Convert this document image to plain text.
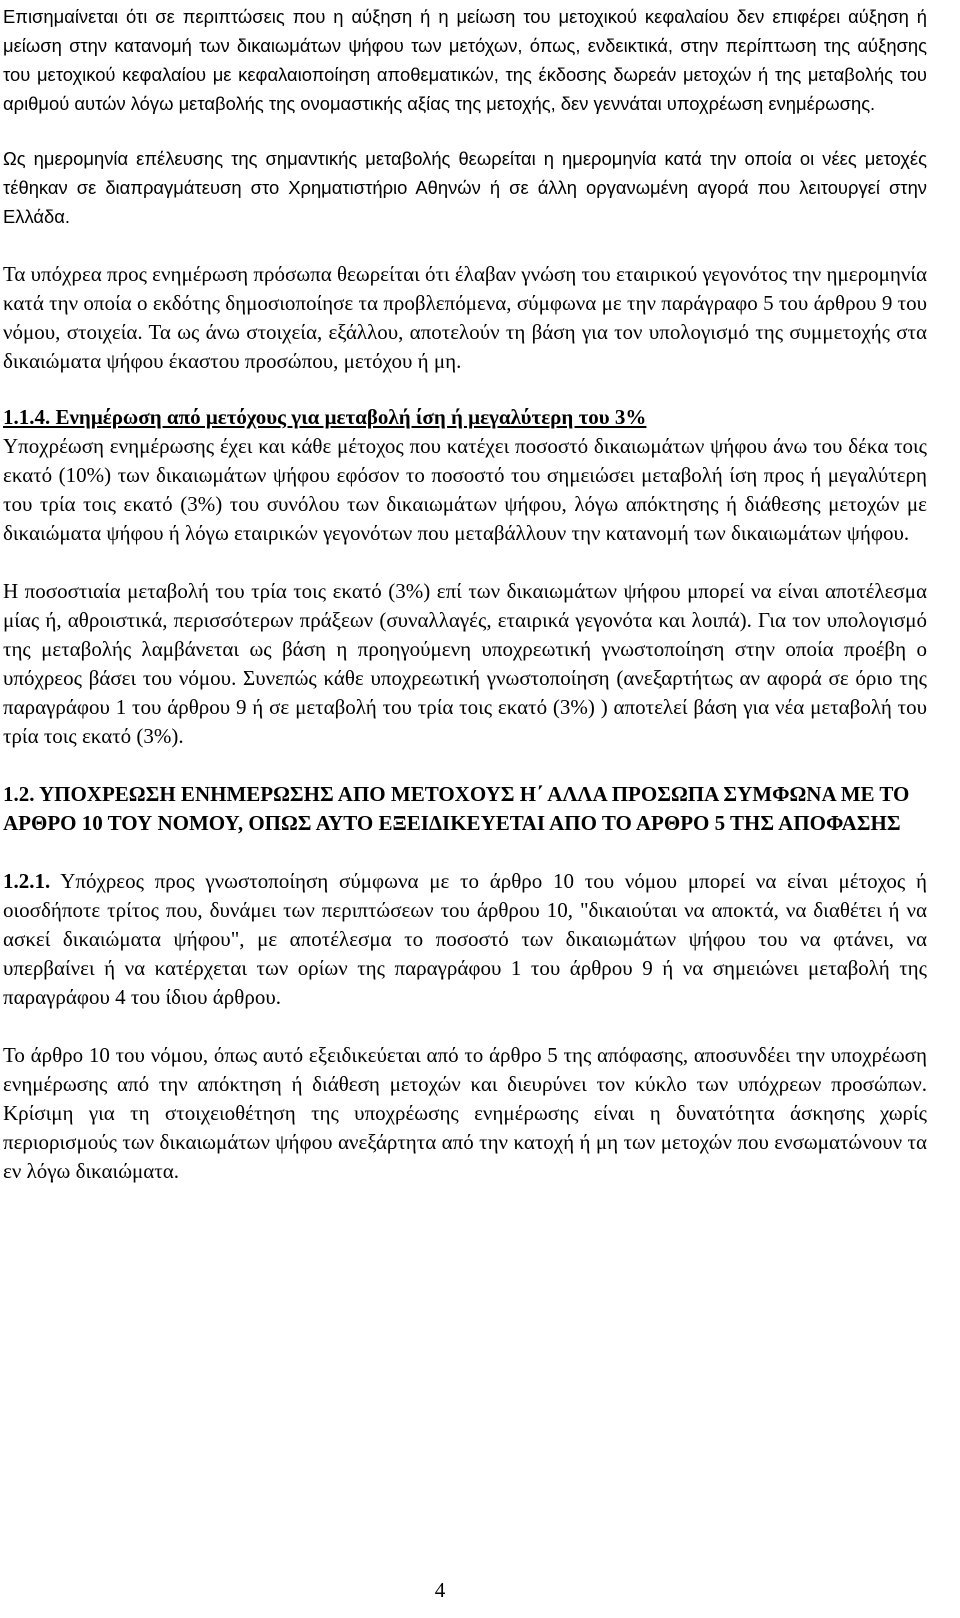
Επισημαίνεται ότι σε περιπτώσεις που η αύξηση ή η μείωση του μετοχικού κεφαλαίου δεν επιφέρει αύξηση ή μείωση στην κατανομή των δικαιωμάτων ψήφου των μετόχων, όπως, ενδεικτικά, στην περίπτωση της αύξησης του μετοχικού κεφαλαίου με κεφαλαιοποίηση αποθεματικών, της έκδοσης δωρεάν μετοχών ή της μεταβολής του αριθμού αυτών λόγω μεταβολής της ονομαστικής αξίας της μετοχής, δεν γεννάται υποχρέωση ενημέρωσης.

Ως ημερομηνία επέλευσης της σημαντικής μεταβολής θεωρείται η ημερομηνία κατά την οποία οι νέες μετοχές τέθηκαν σε διαπραγμάτευση στο Χρηματιστήριο Αθηνών ή σε άλλη οργανωμένη αγορά που λειτουργεί στην Ελλάδα.

Τα υπόχρεα προς ενημέρωση πρόσωπα θεωρείται ότι έλαβαν γνώση του εταιρικού γεγονότος την ημερομηνία κατά την οποία ο εκδότης δημοσιοποίησε τα προβλεπόμενα, σύμφωνα με την παράγραφο 5 του άρθρου 9 του νόμου, στοιχεία. Τα ως άνω στοιχεία, εξάλλου, αποτελούν τη βάση για τον υπολογισμό της συμμετοχής στα δικαιώματα ψήφου έκαστου προσώπου, μετόχου ή μη.

1.1.4. Ενημέρωση από μετόχους για μεταβολή ίση ή μεγαλύτερη του 3%

Υποχρέωση ενημέρωσης έχει και κάθε μέτοχος που κατέχει ποσοστό δικαιωμάτων ψήφου άνω του δέκα τοις εκατό (10%) των δικαιωμάτων ψήφου εφόσον το ποσοστό του σημειώσει μεταβολή ίση προς ή μεγαλύτερη του τρία τοις εκατό (3%) του συνόλου των δικαιωμάτων ψήφου, λόγω απόκτησης ή διάθεσης μετοχών με δικαιώματα ψήφου ή λόγω εταιρικών γεγονότων που μεταβάλλουν την κατανομή των δικαιωμάτων ψήφου.

Η ποσοστιαία μεταβολή του τρία τοις εκατό (3%) επί των δικαιωμάτων ψήφου μπορεί να είναι αποτέλεσμα μίας ή, αθροιστικά, περισσότερων πράξεων (συναλλαγές, εταιρικά γεγονότα και λοιπά). Για τον υπολογισμό της μεταβολής λαμβάνεται ως βάση η προηγούμενη υποχρεωτική γνωστοποίηση στην οποία προέβη ο υπόχρεος βάσει του νόμου. Συνεπώς κάθε υποχρεωτική γνωστοποίηση (ανεξαρτήτως αν αφορά σε όριο της παραγράφου 1 του άρθρου 9 ή σε μεταβολή του τρία τοις εκατό (3%) ) αποτελεί βάση για νέα μεταβολή του τρία τοις εκατό (3%).

1.2. ΥΠΟΧΡΕΩΣΗ ΕΝΗΜΕΡΩΣΗΣ ΑΠΟ ΜΕΤΟΧΟΥΣ Η΄ ΑΛΛΑ ΠΡΟΣΩΠΑ ΣΥΜΦΩΝΑ ΜΕ ΤΟ ΑΡΘΡΟ 10 ΤΟΥ ΝΟΜΟΥ, ΟΠΩΣ ΑΥΤΟ ΕΞΕΙΔΙΚΕΥΕΤΑΙ ΑΠΟ ΤΟ ΑΡΘΡΟ 5 ΤΗΣ ΑΠΟΦΑΣΗΣ

1.2.1. Υπόχρεος προς γνωστοποίηση σύμφωνα με το άρθρο 10 του νόμου μπορεί να είναι μέτοχος ή οιοσδήποτε τρίτος που, δυνάμει των περιπτώσεων του άρθρου 10, "δικαιούται να αποκτά, να διαθέτει ή να ασκεί δικαιώματα ψήφου", με αποτέλεσμα το ποσοστό των δικαιωμάτων ψήφου του να φτάνει, να υπερβαίνει ή να κατέρχεται των ορίων της παραγράφου 1 του άρθρου 9 ή να σημειώνει μεταβολή της παραγράφου 4 του ίδιου άρθρου.

Το άρθρο 10 του νόμου, όπως αυτό εξειδικεύεται από το άρθρο 5 της απόφασης, αποσυνδέει την υποχρέωση ενημέρωσης από την απόκτηση ή διάθεση μετοχών και διευρύνει τον κύκλο των υπόχρεων προσώπων. Κρίσιμη για τη στοιχειοθέτηση της υποχρέωσης ενημέρωσης είναι η δυνατότητα άσκησης χωρίς περιορισμούς των δικαιωμάτων ψήφου ανεξάρτητα από την κατοχή ή μη των μετοχών που ενσωματώνουν τα εν λόγω δικαιώματα.

4
